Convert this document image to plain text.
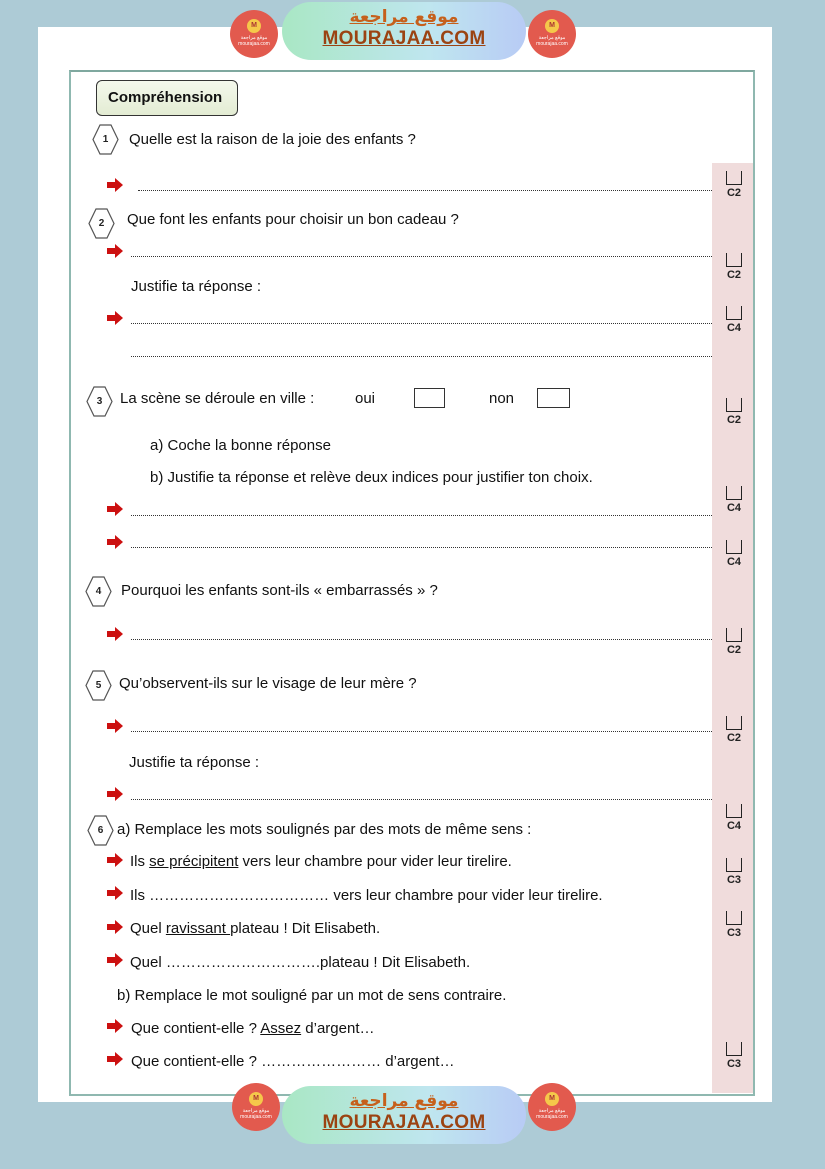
M
موقع مراجعة
mourajaa.com
موقع مراجعة
MOURAJAA.COM
M
موقع مراجعة
mourajaa.com
Compréhension
1	Quelle est la raison de la joie des enfants ?
2	Que font les enfants pour choisir un bon cadeau ?
Justifie ta réponse :
3	La scène se déroule en ville :	oui	non
a) Coche la bonne réponse
b) Justifie ta réponse et relève deux indices pour justifier ton choix.
4	Pourquoi les enfants sont-ils « embarrassés » ?
5	Qu’observent-ils sur le visage de leur mère ?
Justifie ta réponse :
6 a) Remplace les mots soulignés par des mots de même sens :
Ils se précipitent vers leur chambre pour vider leur tirelire.
Ils ……………………………… vers leur chambre pour vider leur tirelire.
Quel ravissant plateau ! Dit Elisabeth.
Quel ………………………….plateau ! Dit Elisabeth.
b) Remplace le mot souligné par un mot de sens contraire.
Que contient-elle ? Assez d’argent…
Que contient-elle ? …………………… d’argent…
C2
C2
C4
C2
C4
C4
C2
C2
C4
C3
C3
C3
M
موقع مراجعة
mourajaa.com
موقع مراجعة
MOURAJAA.COM
M
موقع مراجعة
mourajaa.com
